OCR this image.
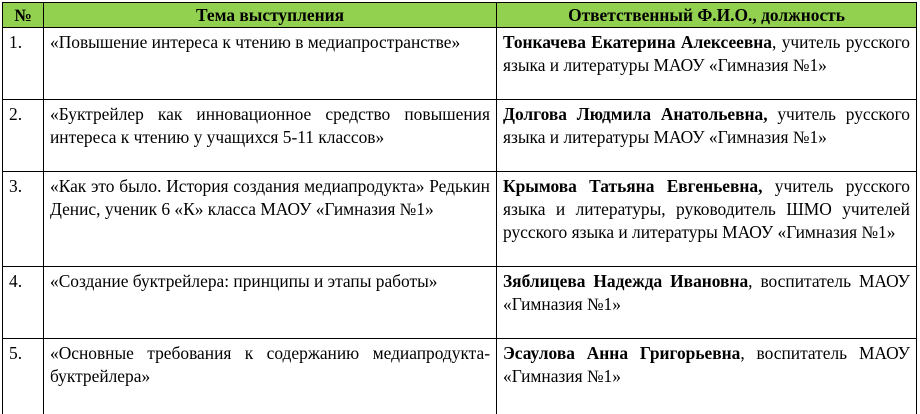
№	Тема выступления	Ответственный Ф.И.О., должность
1.	«Повышение интереса к чтению в медиапространстве»	Тонкачева Екатерина Алексеевна, учитель русского языка и литературы МАОУ «Гимназия №1»
2.	«Буктрейлер как инновационное средство повышения интереса к чтению у учащихся 5-11 классов»	Долгова Людмила Анатольевна, учитель русского языка и литературы МАОУ «Гимназия №1»
3.	«Как это было. История создания медиапродукта» Редькин Денис, ученик 6 «К» класса МАОУ «Гимназия №1»	Крымова Татьяна Евгеньевна, учитель русского языка и литературы, руководитель ШМО учителей русского языка и литературы МАОУ «Гимназия №1»
4.	«Создание буктрейлера: принципы и этапы работы»	Зяблицева Надежда Ивановна, воспитатель МАОУ «Гимназия №1»
5.	«Основные требования к содержанию медиапродукта-буктрейлера»	Эсаулова Анна Григорьевна, воспитатель МАОУ «Гимназия №1»
